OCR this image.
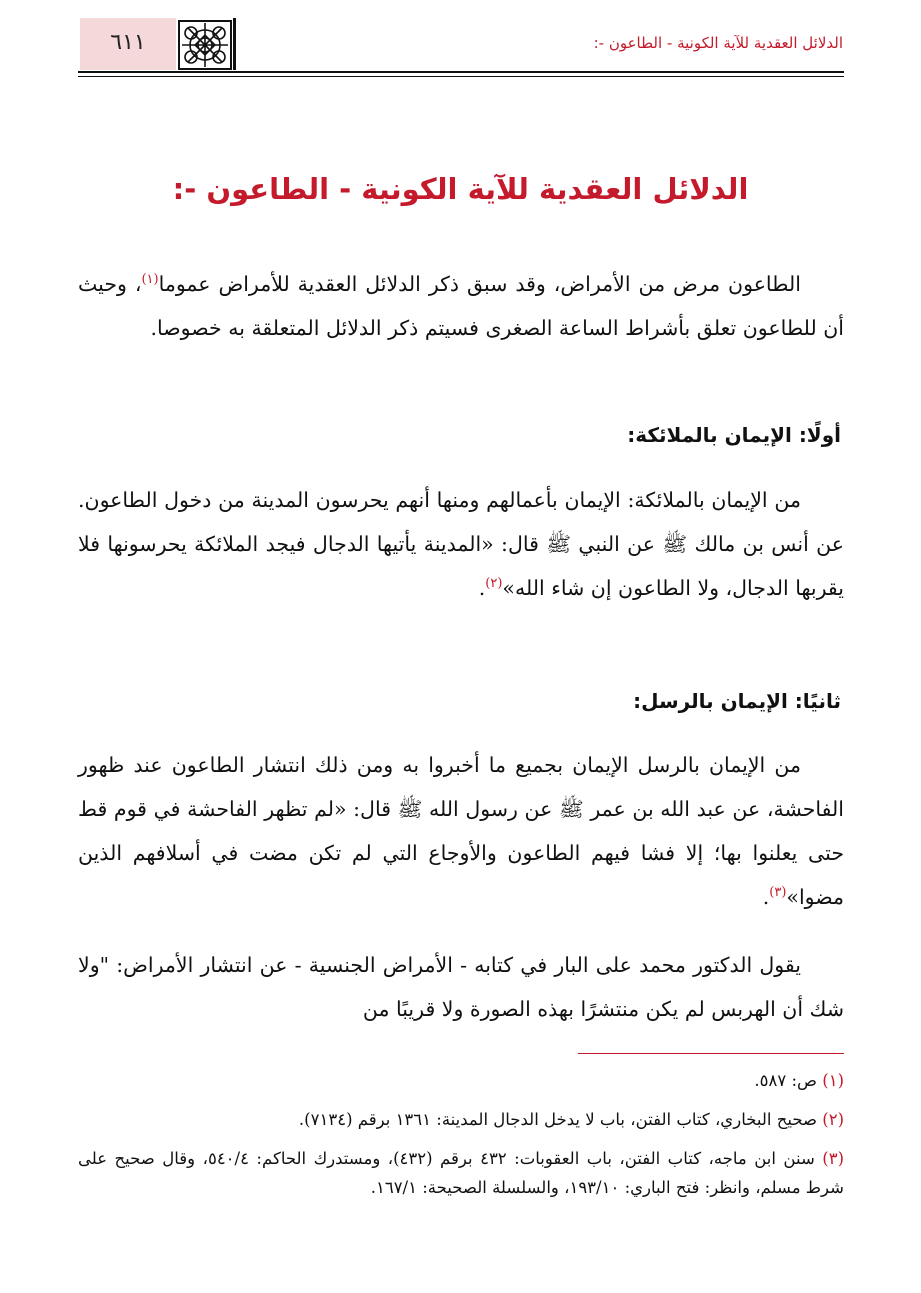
٦١١	الدلائل العقدية للآية الكونية - الطاعون -:
الدلائل العقدية للآية الكونية - الطاعون -:

الطاعون مرض من الأمراض، وقد سبق ذكر الدلائل العقدية للأمراض عموما$^{(١)}$، وحيث أن للطاعون تعلق بأشراط الساعة الصغرى فسيتم ذكر الدلائل المتعلقة به خصوصا.

أولًا: الإيمان بالملائكة:

من الإيمان بالملائكة: الإيمان بأعمالهم ومنها أنهم يحرسون المدينة من دخول الطاعون. عن أنس بن مالك ﷺ عن النبي ﷺ قال: «المدينة يأتيها الدجال فيجد الملائكة يحرسونها فلا يقربها الدجال، ولا الطاعون إن شاء الله»$^{(٢)}$.

ثانيًا: الإيمان بالرسل:

من الإيمان بالرسل الإيمان بجميع ما أخبروا به ومن ذلك انتشار الطاعون عند ظهور الفاحشة، عن عبد الله بن عمر ﷺ عن رسول الله ﷺ قال: «لم تظهر الفاحشة في قوم قط حتى يعلنوا بها؛ إلا فشا فيهم الطاعون والأوجاع التي لم تكن مضت في أسلافهم الذين مضوا»$^{(٣)}$.

يقول الدكتور محمد على البار في كتابه - الأمراض الجنسية - عن انتشار الأمراض: "ولا شك أن الهربس لم يكن منتشرًا بهذه الصورة ولا قريبًا من

(١) ص: ٥٨٧.
(٢) صحيح البخاري، كتاب الفتن، باب لا يدخل الدجال المدينة: ١٣٦١ برقم (٧١٣٤).
(٣) سنن ابن ماجه، كتاب الفتن، باب العقوبات: ٤٣٢ برقم (٤٣٢)، ومستدرك الحاكم: ٥٤٠/٤، وقال صحيح على شرط مسلم، وانظر: فتح الباري: ١٩٣/١٠، والسلسلة الصحيحة: ١٦٧/١.
